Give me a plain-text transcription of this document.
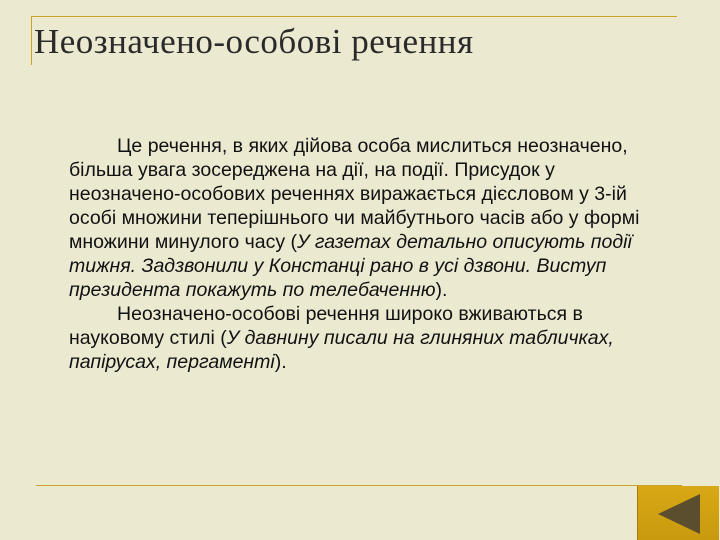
Неозначено-особові речення

Це речення, в яких дійова особа мислиться неозначено, більша увага зосереджена на дії, на події. Присудок у неозначено-особових реченнях виражається дієсловом у 3-ій особі множини теперішнього чи майбутнього часів або у формі множини минулого часу (У газетах детально описують події тижня. Задзвонили у Констанці рано в усі дзвони. Виступ президента покажуть по телебаченню).

Неозначено-особові речення широко вживаються в науковому стилі (У давнину писали на глиняних табличках, папірусах, пергаменті).
